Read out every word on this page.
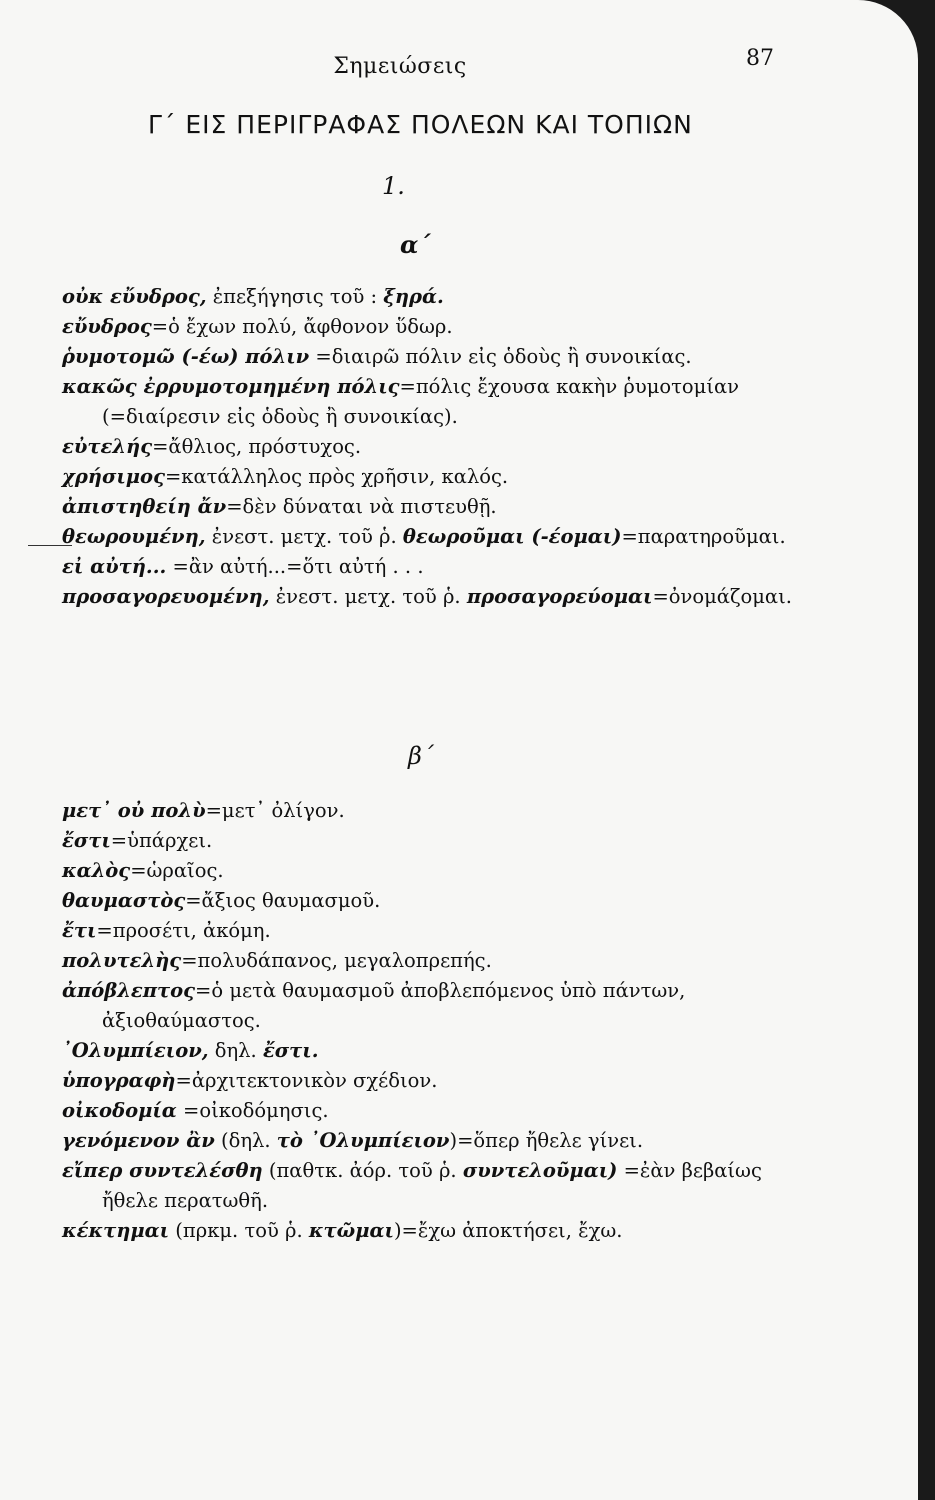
Σημειώσεις	87
Γ΄ ΕΙΣ ΠΕΡΙΓΡΑΦΑΣ ΠΟΛΕΩΝ ΚΑΙ ΤΟΠΙΩΝ
1.
α΄

οὐκ εὔυδρος, ἐπεξήγησις τοῦ : ξηρά.

εὔυδρος=ὁ ἔχων πολύ, ἄφθονον ὕδωρ.

ῥυμοτομῶ (-έω) πόλιν =διαιρῶ πόλιν εἰς ὁδοὺς ἢ συνοικίας.

κακῶς ἐρρυμοτομημένη πόλις=πόλις ἔχουσα κακὴν ῥυμοτομίαν (=διαίρεσιν εἰς ὁδοὺς ἢ συνοικίας).

εὐτελής=ἄθλιος, πρόστυχος.

χρήσιμος=κατάλληλος πρὸς χρῆσιν, καλός.

ἀπιστηθείη ἄν=δὲν δύναται νὰ πιστευθῇ.

θεωρουμένη, ἐνεστ. μετχ. τοῦ ῥ. θεωροῦμαι (-έομαι)=παρατηροῦμαι.

εἰ αὐτή... =ἂν αὐτή...=ὅτι αὐτή . . .

προσαγορευομένη, ἐνεστ. μετχ. τοῦ ῥ. προσαγορεύομαι=ὀνομάζομαι.

β΄

μετ᾽ οὐ πολὺ=μετ᾽ ὀλίγον.

ἔστι=ὑπάρχει.

καλὸς=ὡραῖος.

θαυμαστὸς=ἄξιος θαυμασμοῦ.

ἔτι=προσέτι, ἀκόμη.

πολυτελὴς=πολυδάπανος, μεγαλοπρεπής.

ἀπόβλεπτος=ὁ μετὰ θαυμασμοῦ ἀποβλεπόμενος ὑπὸ πάντων, ἀξιοθαύμαστος.

᾽Ολυμπίειον, δηλ. ἔστι.

ὑπογραφὴ=ἀρχιτεκτονικὸν σχέδιον.

οἰκοδομία =οἰκοδόμησις.

γενόμενον ἂν (δηλ. τὸ ᾽Ολυμπίειον)=ὅπερ ἤθελε γίνει.

εἴπερ συντελέσθη (παθτκ. ἀόρ. τοῦ ῥ. συντελοῦμαι) =ἐὰν βεβαίως ἤθελε περατωθῆ.

κέκτημαι (πρκμ. τοῦ ῥ. κτῶμαι)=ἔχω ἀποκτήσει, ἔχω.
